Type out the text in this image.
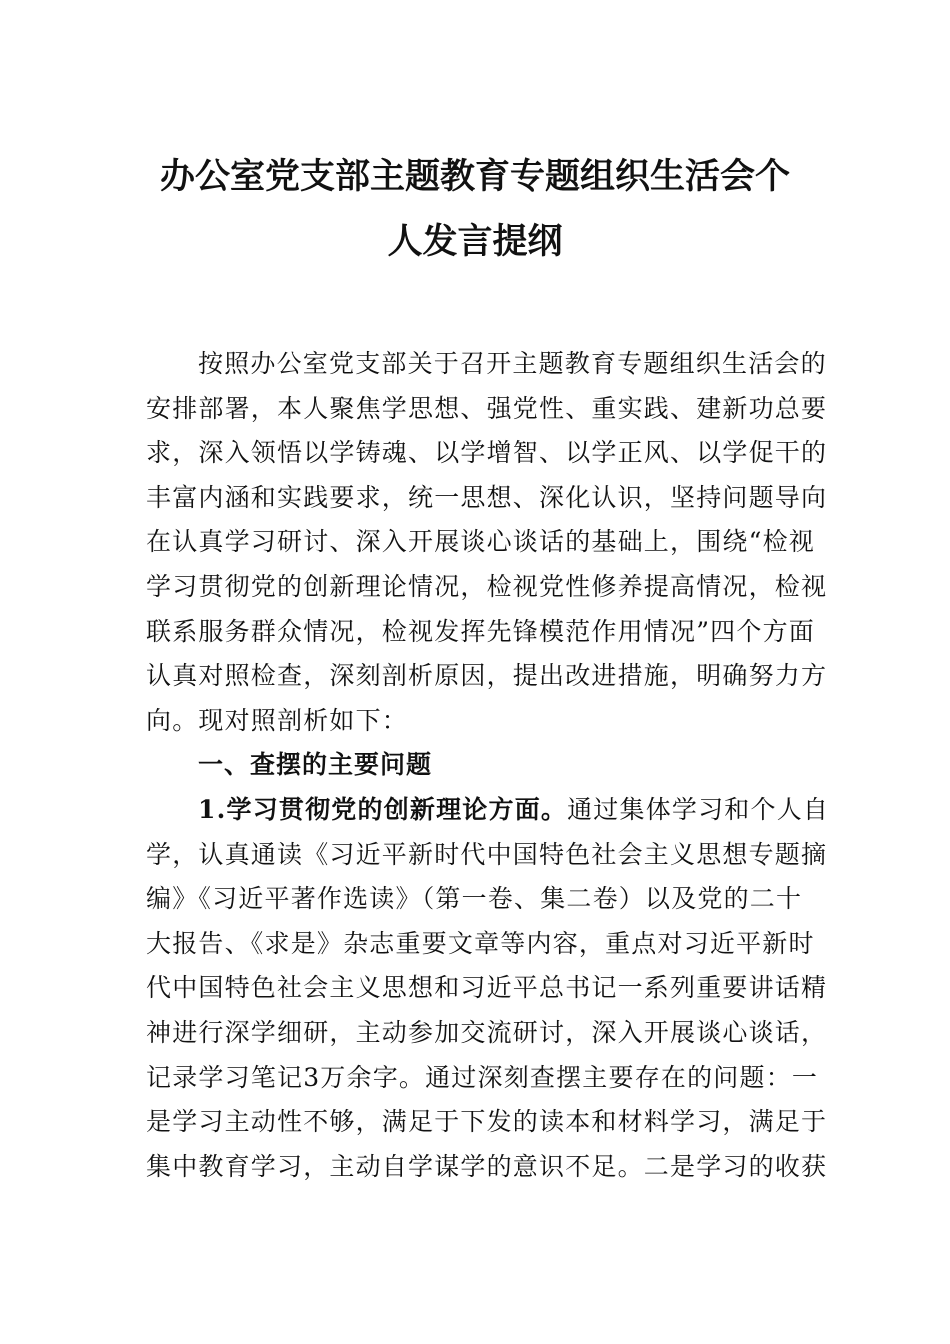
办公室党支部主题教育专题组织生活会个
人发言提纲
按照办公室党支部关于召开主题教育专题组织生活会的
安排部署，本人聚焦学思想、强党性、重实践、建新功总要
求，深入领悟以学铸魂、以学增智、以学正风、以学促干的
丰富内涵和实践要求，统一思想、深化认识，坚持问题导向
在认真学习研讨、深入开展谈心谈话的基础上，围绕“检视
学习贯彻党的创新理论情况，检视党性修养提高情况，检视
联系服务群众情况，检视发挥先锋模范作用情况”四个方面
认真对照检查，深刻剖析原因，提出改进措施，明确努力方
向。现对照剖析如下：
一、查摆的主要问题
1.学习贯彻党的创新理论方面。通过集体学习和个人自
学，认真通读《习近平新时代中国特色社会主义思想专题摘
编》《习近平著作选读》（第一卷、集二卷）以及党的二十
大报告、《求是》杂志重要文章等内容，重点对习近平新时
代中国特色社会主义思想和习近平总书记一系列重要讲话精
神进行深学细研，主动参加交流研讨，深入开展谈心谈话，
记录学习笔记3万余字。通过深刻查摆主要存在的问题：一
是学习主动性不够，满足于下发的读本和材料学习，满足于
集中教育学习，主动自学谋学的意识不足。二是学习的收获
